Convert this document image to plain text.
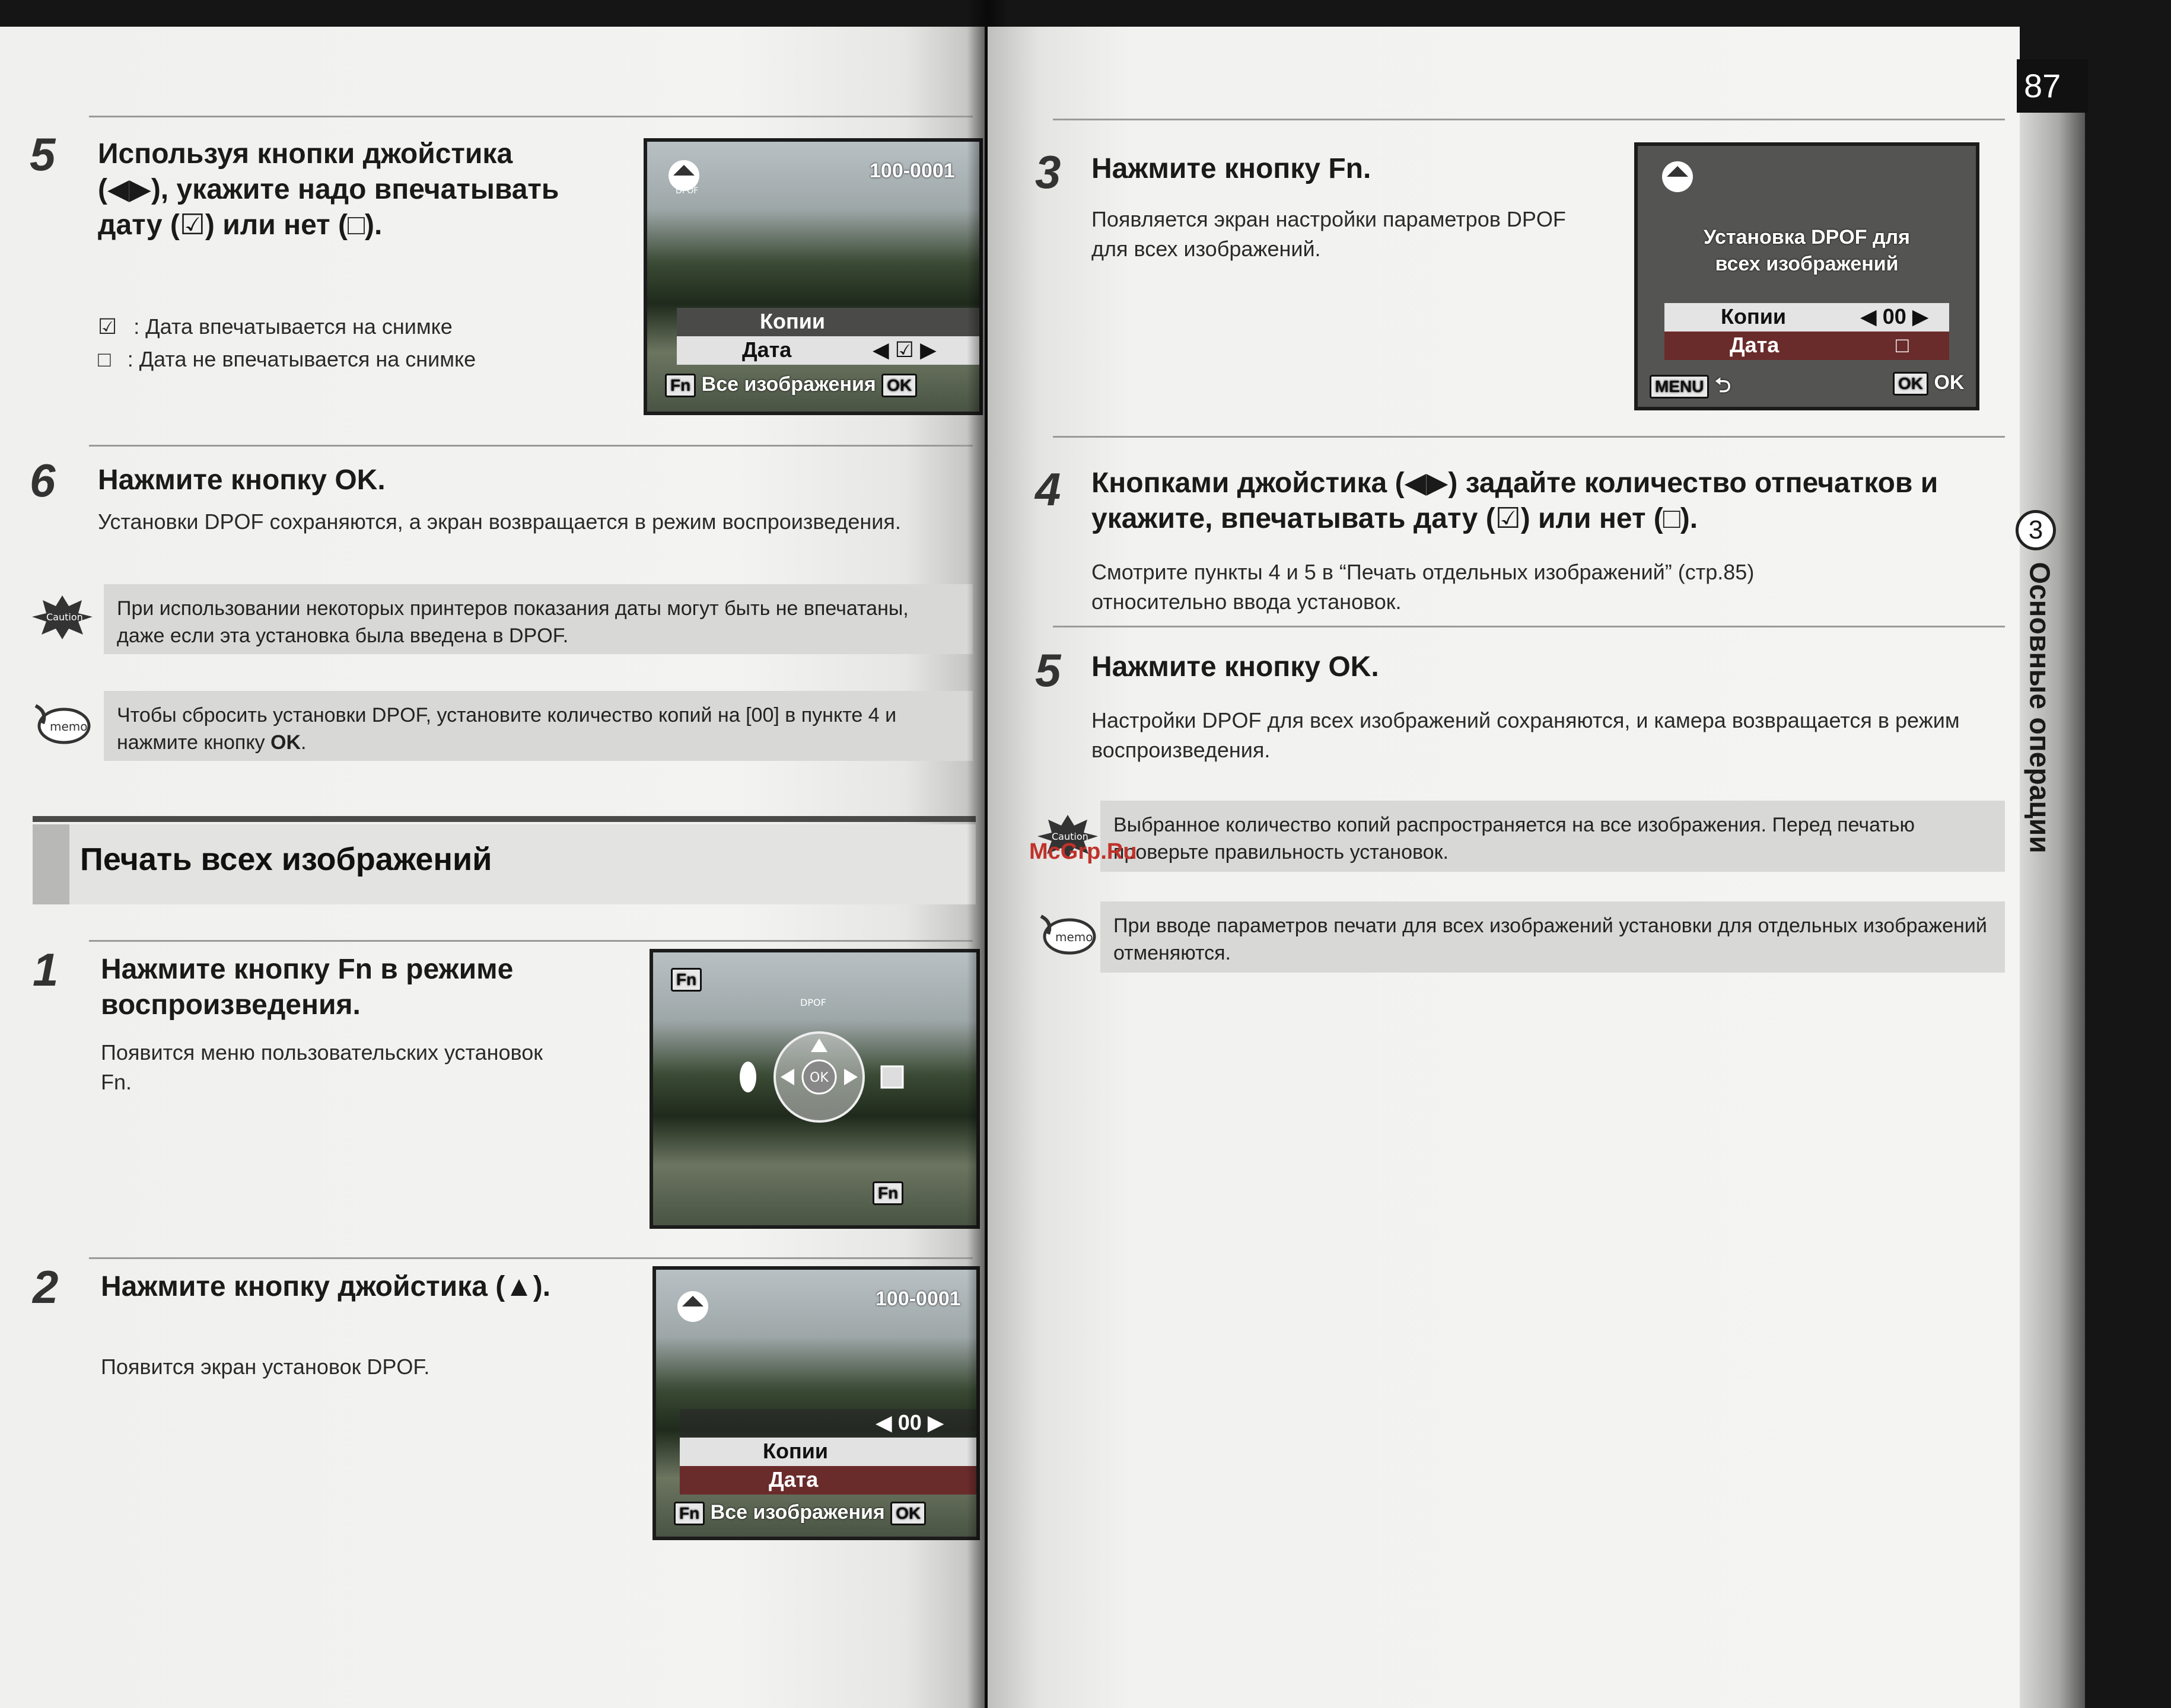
5 Используя кнопки джойстика (◀▶), укажите надо впечатывать дату (☑) или нет (□).
☑ : Дата впечатывается на снимке
□ : Дата не впечатывается на снимке
DPOF
100-0001
Копии
Дата	◀ ☑ ▶
Fn Все изображения OK
6 Нажмите кнопку OK.
Установки DPOF сохраняются, а экран возвращается в режим воспроизведения.
Caution	При использовании некоторых принтеров показания даты могут быть не впечатаны, даже если эта установка была введена в DPOF.
memo	Чтобы сбросить установки DPOF, установите количество копий на [00] в пункте 4 и нажмите кнопку OK.
Печать всех изображений
1 Нажмите кнопку Fn в режиме воспроизведения.
Появится меню пользовательских установок Fn.
Fn
DPOF
OK
Fn
2 Нажмите кнопку джойстика (▲).
Появится экран установок DPOF.
100-0001
◀ 00 ▶
Копии
Дата
Fn Все изображения OK
3 Нажмите кнопку Fn.
Появляется экран настройки параметров DPOF для всех изображений.	Установка DPOF для
всех изображений
Копии	◀ 00 ▶
Дата	□
MENU ⮌	OK OK
4 Кнопками джойстика (◀▶) задайте количество отпечатков и укажите, впечатывать дату (☑) или нет (□).
Смотрите пункты 4 и 5 в “Печать отдельных изображений” (стр.85) относительно ввода установок.
5 Нажмите кнопку OK.
Настройки DPOF для всех изображений сохраняются, и камера возвращается в режим воспроизведения.
Caution
Выбранное количество копий распространяется на все изображения. Перед печатью проверьте правильность установок.
memo	При вводе параметров печати для всех изображений установки для отдельных изображений отменяются.
McGrp.Ru
87
3
Основные операции
